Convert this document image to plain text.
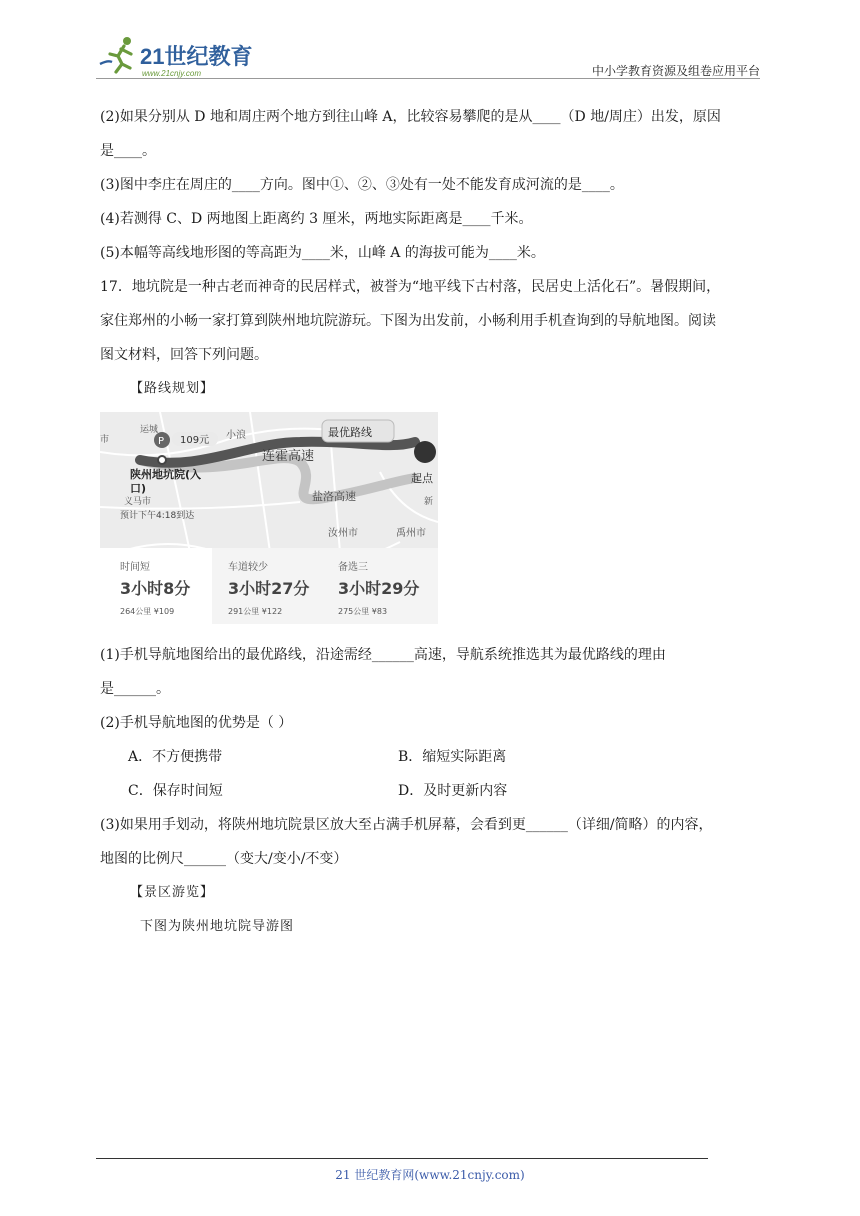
21世纪教育
www.21cnjy.com	中小学教育资源及组卷应用平台

(2)如果分别从 D 地和周庄两个地方到往山峰 A，比较容易攀爬的是从____（D 地/周庄）出发，原因

是____。

(3)图中李庄在周庄的____方向。图中①、②、③处有一处不能发育成河流的是____。

(4)若测得 C、D 两地图上距离约 3 厘米，两地实际距离是____千米。

(5)本幅等高线地形图的等高距为____米，山峰 A 的海拔可能为____米。

17．地坑院是一种古老而神奇的民居样式，被誉为“地平线下古村落，民居史上活化石”。暑假期间，

家住郑州的小畅一家打算到陕州地坑院游玩。下图为出发前，小畅利用手机查询到的导航地图。阅读

图文材料，回答下列问题。

【路线规划】

P 109元
运城
市
陕州地坑院(入
口)
义马市
预计下午4:18到达
小浪	最优路线
连霍高速
起点
盐洛高速	新
汝州市	禹州市
时间短
3小时8分
264公里 ¥109
车道较少
3小时27分
291公里 ¥122
备选三
3小时29分
275公里 ¥83

(1)手机导航地图给出的最优路线，沿途需经______高速，导航系统推选其为最优路线的理由

是______。

(2)手机导航地图的优势是（ ）

A．不方便携带	B．缩短实际距离
C．保存时间短	D．及时更新内容

(3)如果用手划动，将陕州地坑院景区放大至占满手机屏幕，会看到更______（详细/简略）的内容，

地图的比例尺______（变大/变小/不变）

【景区游览】

下图为陕州地坑院导游图

21 世纪教育网(www.21cnjy.com)
